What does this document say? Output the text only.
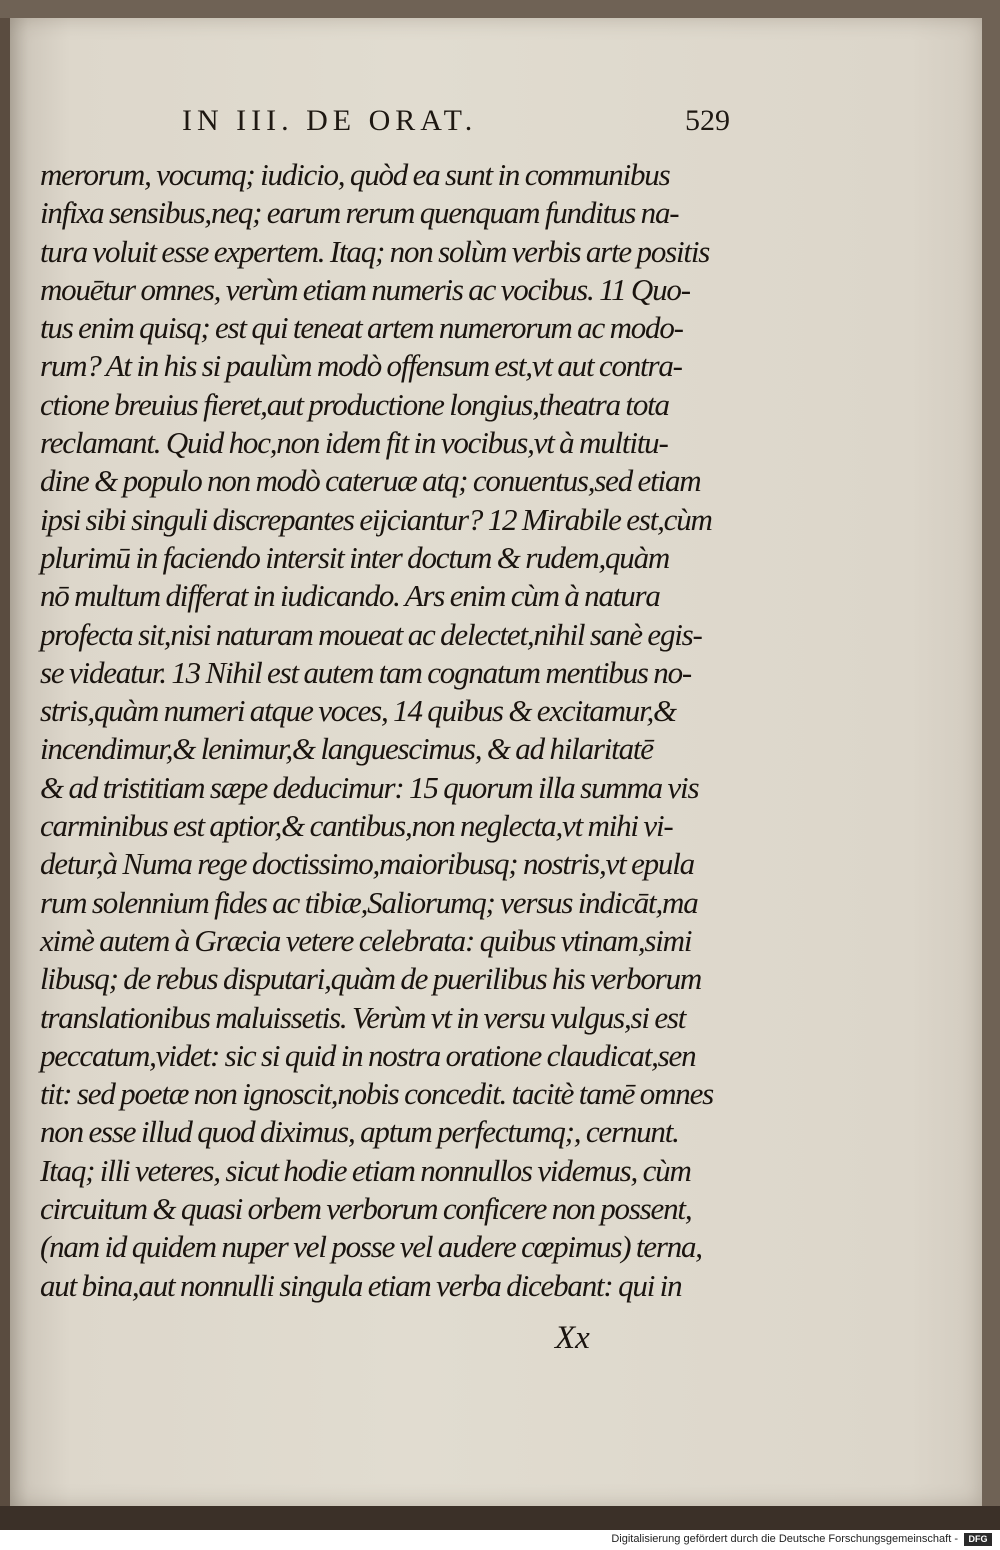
IN III. DE ORAT.	529
merorum, vocumq; iudicio, quòd ea sunt in communibus
infixa sensibus,neq; earum rerum quenquam funditus na-
tura voluit esse expertem. Itaq; non solùm verbis arte positis
mouētur omnes, verùm etiam numeris ac vocibus. 11 Quo-
tus enim quisq; est qui teneat artem numerorum ac modo-
rum? At in his si paulùm modò offensum est,vt aut contra-
ctione breuius fieret,aut productione longius,theatra tota
reclamant. Quid hoc,non idem fit in vocibus,vt à multitu-
dine & populo non modò cateruæ atq; conuentus,sed etiam
ipsi sibi singuli discrepantes eijciantur? 12 Mirabile est,cùm
plurimū in faciendo intersit inter doctum & rudem,quàm
nō multum differat in iudicando. Ars enim cùm à natura
profecta sit,nisi naturam moueat ac delectet,nihil sanè egis-
se videatur. 13 Nihil est autem tam cognatum mentibus no-
stris,quàm numeri atque voces, 14 quibus & excitamur,&
incendimur,& lenimur,& languescimus, & ad hilaritatē
& ad tristitiam sæpe deducimur: 15 quorum illa summa vis
carminibus est aptior,& cantibus,non neglecta,vt mihi vi-
detur,à Numa rege doctissimo,maioribusq; nostris,vt epula
rum solennium fides ac tibiæ,Saliorumq; versus indicāt,ma
ximè autem à Græcia vetere celebrata: quibus vtinam,simi
libusq; de rebus disputari,quàm de puerilibus his verborum
translationibus maluissetis. Verùm vt in versu vulgus,si est
peccatum,videt: sic si quid in nostra oratione claudicat,sen
tit: sed poetæ non ignoscit,nobis concedit. tacitè tamē omnes
non esse illud quod diximus, aptum perfectumq;, cernunt.
Itaq; illi veteres, sicut hodie etiam nonnullos videmus, cùm
circuitum & quasi orbem verborum conficere non possent,
(nam id quidem nuper vel posse vel audere cœpimus) terna,
aut bina,aut nonnulli singula etiam verba dicebant: qui in
Xx
Digitalisierung gefördert durch die Deutsche Forschungsgemeinschaft -	DFG
